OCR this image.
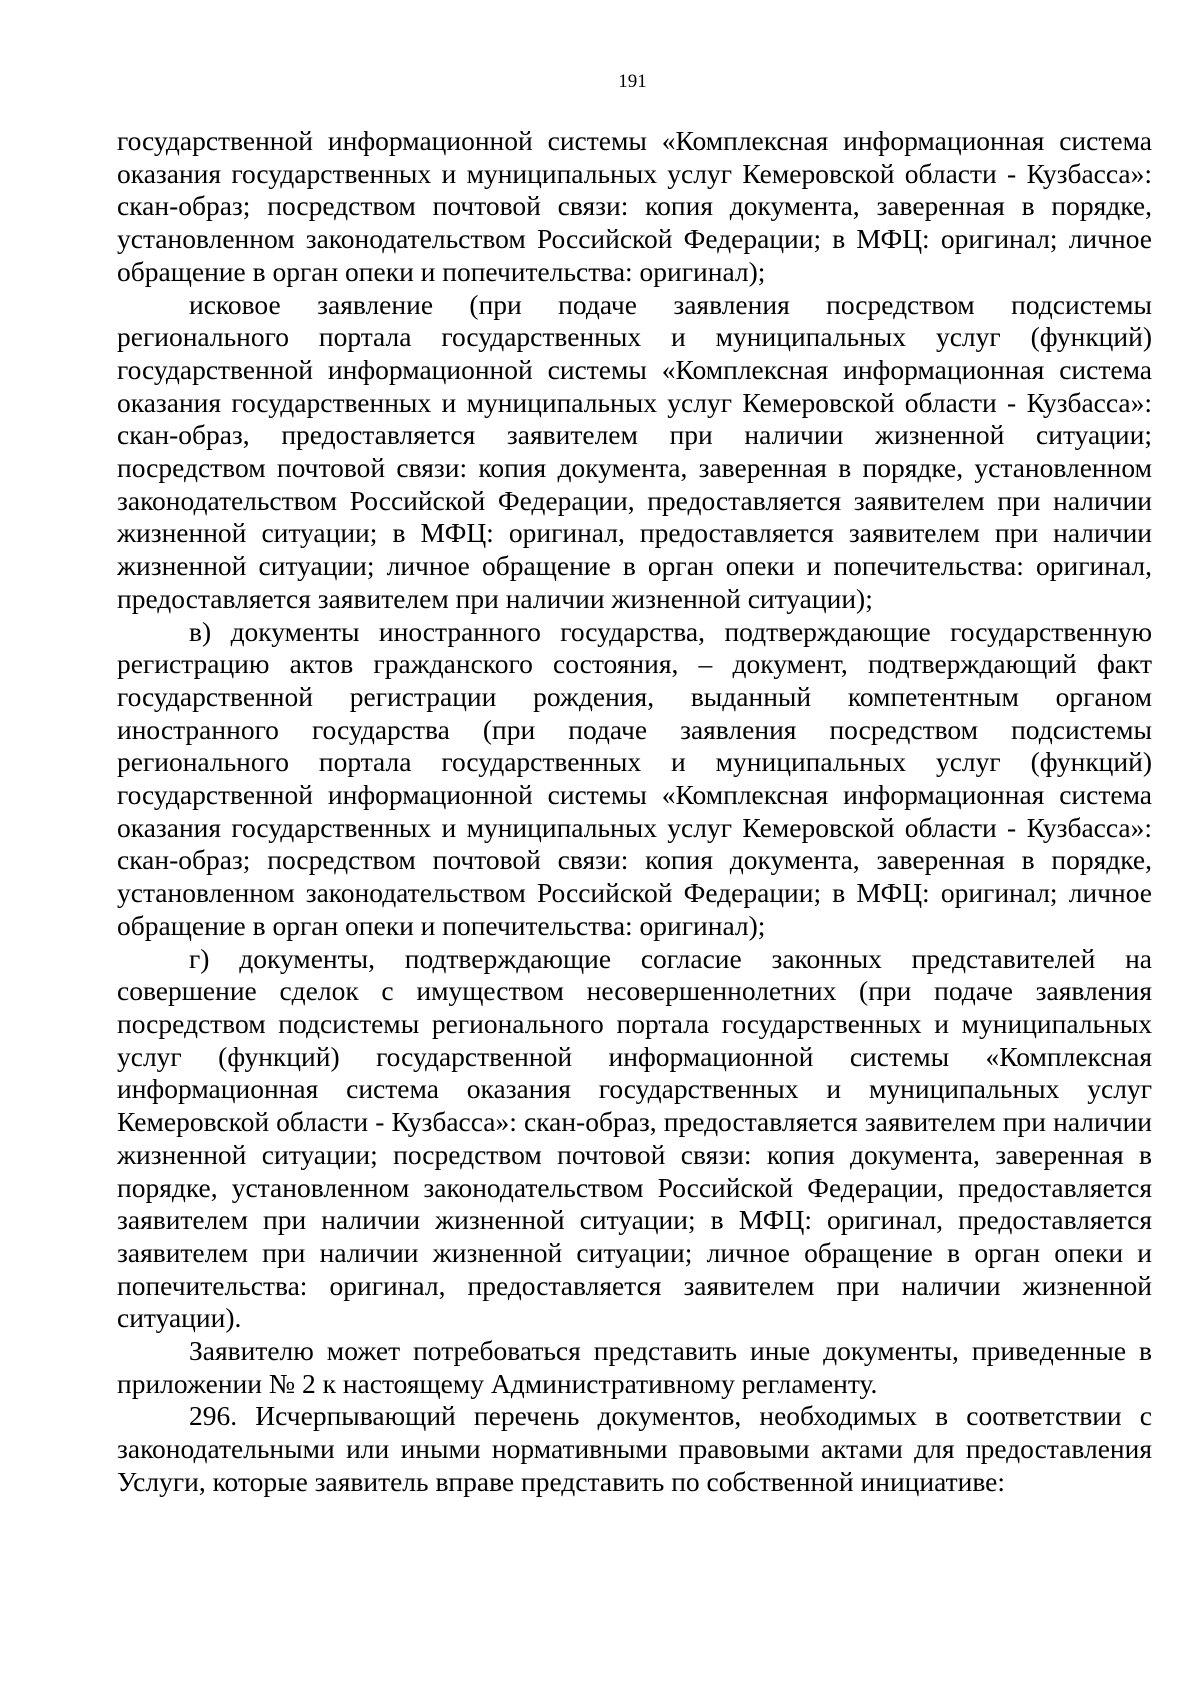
191

государственной информационной системы «Комплексная информационная система оказания государственных и муниципальных услуг Кемеровской области - Кузбасса»: скан-образ; посредством почтовой связи: копия документа, заверенная в порядке, установленном законодательством Российской Федерации; в МФЦ: оригинал; личное обращение в орган опеки и попечительства: оригинал);

исковое заявление (при подаче заявления посредством подсистемы регионального портала государственных и муниципальных услуг (функций) государственной информационной системы «Комплексная информационная система оказания государственных и муниципальных услуг Кемеровской области - Кузбасса»: скан-образ, предоставляется заявителем при наличии жизненной ситуации; посредством почтовой связи: копия документа, заверенная в порядке, установленном законодательством Российской Федерации, предоставляется заявителем при наличии жизненной ситуации; в МФЦ: оригинал, предоставляется заявителем при наличии жизненной ситуации; личное обращение в орган опеки и попечительства: оригинал, предоставляется заявителем при наличии жизненной ситуации);

в) документы иностранного государства, подтверждающие государственную регистрацию актов гражданского состояния, – документ, подтверждающий факт государственной регистрации рождения, выданный компетентным органом иностранного государства (при подаче заявления посредством подсистемы регионального портала государственных и муниципальных услуг (функций) государственной информационной системы «Комплексная информационная система оказания государственных и муниципальных услуг Кемеровской области - Кузбасса»: скан-образ; посредством почтовой связи: копия документа, заверенная в порядке, установленном законодательством Российской Федерации; в МФЦ: оригинал; личное обращение в орган опеки и попечительства: оригинал);

г) документы, подтверждающие согласие законных представителей на совершение сделок с имуществом несовершеннолетних (при подаче заявления посредством подсистемы регионального портала государственных и муниципальных услуг (функций) государственной информационной системы «Комплексная информационная система оказания государственных и муниципальных услуг Кемеровской области - Кузбасса»: скан-образ, предоставляется заявителем при наличии жизненной ситуации; посредством почтовой связи: копия документа, заверенная в порядке, установленном законодательством Российской Федерации, предоставляется заявителем при наличии жизненной ситуации; в МФЦ: оригинал, предоставляется заявителем при наличии жизненной ситуации; личное обращение в орган опеки и попечительства: оригинал, предоставляется заявителем при наличии жизненной ситуации).

Заявителю может потребоваться представить иные документы, приведенные в приложении № 2 к настоящему Административному регламенту.

296. Исчерпывающий перечень документов, необходимых в соответствии с законодательными или иными нормативными правовыми актами для предоставления Услуги, которые заявитель вправе представить по собственной инициативе:
